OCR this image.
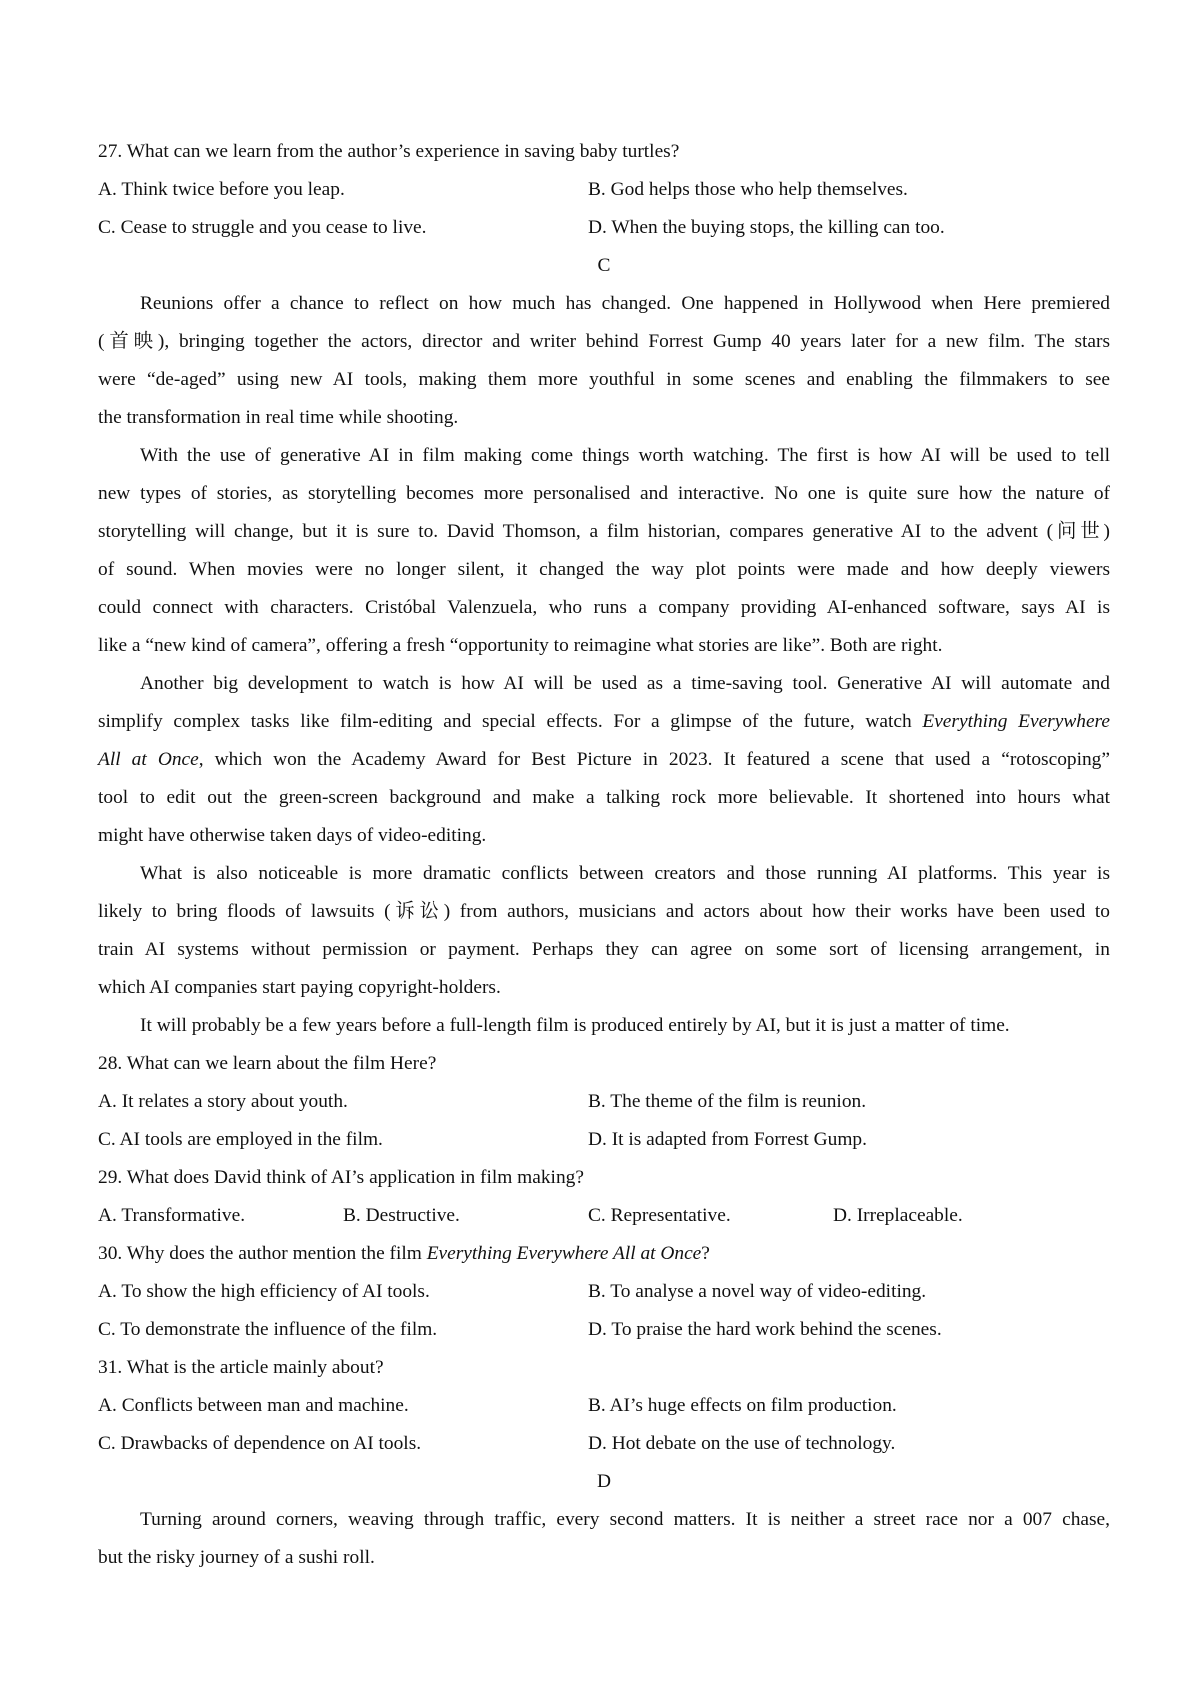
27. What can we learn from the author’s experience in saving baby turtles?
A. Think twice before you leap.	B. God helps those who help themselves.
C. Cease to struggle and you cease to live.	D. When the buying stops, the killing can too.
C
Reunions offer a chance to reflect on how much has changed. One happened in Hollywood when Here premiered
(首映), bringing together the actors, director and writer behind Forrest Gump 40 years later for a new film. The stars
were “de-aged” using new AI tools, making them more youthful in some scenes and enabling the filmmakers to see
the transformation in real time while shooting.
With the use of generative AI in film making come things worth watching. The first is how AI will be used to tell
new types of stories, as storytelling becomes more personalised and interactive. No one is quite sure how the nature of
storytelling will change, but it is sure to. David Thomson, a film historian, compares generative AI to the advent (问世)
of sound. When movies were no longer silent, it changed the way plot points were made and how deeply viewers
could connect with characters. Cristóbal Valenzuela, who runs a company providing AI-enhanced software, says AI is
like a “new kind of camera”, offering a fresh “opportunity to reimagine what stories are like”. Both are right.
Another big development to watch is how AI will be used as a time-saving tool. Generative AI will automate and
simplify complex tasks like film-editing and special effects. For a glimpse of the future, watch Everything Everywhere
All at Once, which won the Academy Award for Best Picture in 2023. It featured a scene that used a “rotoscoping”
tool to edit out the green-screen background and make a talking rock more believable. It shortened into hours what
might have otherwise taken days of video-editing.
What is also noticeable is more dramatic conflicts between creators and those running AI platforms. This year is
likely to bring floods of lawsuits (诉讼) from authors, musicians and actors about how their works have been used to
train AI systems without permission or payment. Perhaps they can agree on some sort of licensing arrangement, in
which AI companies start paying copyright-holders.
It will probably be a few years before a full-length film is produced entirely by AI, but it is just a matter of time.
28. What can we learn about the film Here?
A. It relates a story about youth.	B. The theme of the film is reunion.
C. AI tools are employed in the film.	D. It is adapted from Forrest Gump.
29. What does David think of AI’s application in film making?
A. Transformative.	B. Destructive.	C. Representative.	D. Irreplaceable.
30. Why does the author mention the film Everything Everywhere All at Once?
A. To show the high efficiency of AI tools.	B. To analyse a novel way of video-editing.
C. To demonstrate the influence of the film.	D. To praise the hard work behind the scenes.
31. What is the article mainly about?
A. Conflicts between man and machine.	B. AI’s huge effects on film production.
C. Drawbacks of dependence on AI tools.	D. Hot debate on the use of technology.
D
Turning around corners, weaving through traffic, every second matters. It is neither a street race nor a 007 chase,
but the risky journey of a sushi roll.
